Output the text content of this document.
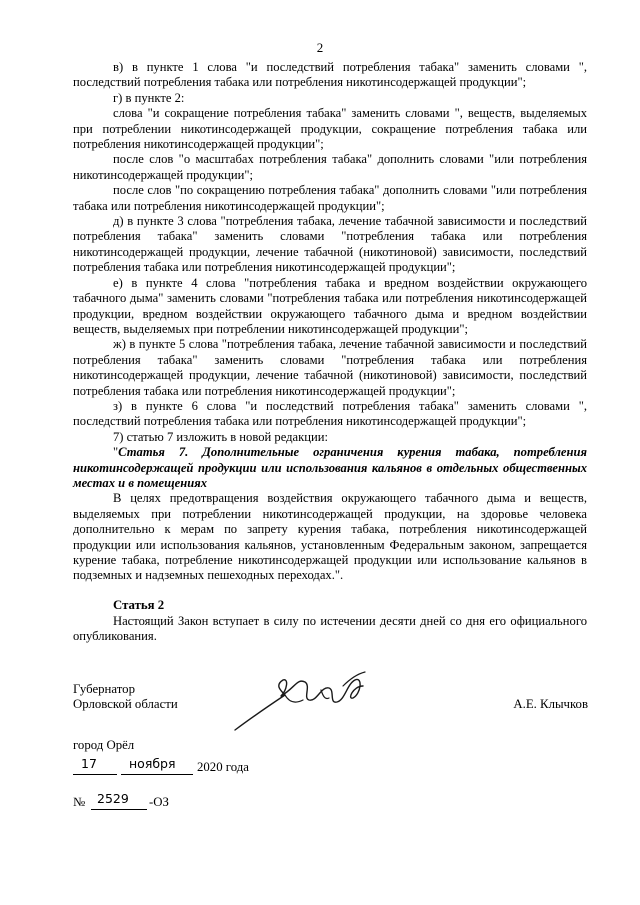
2

в) в пункте 1 слова "и последствий потребления табака" заменить словами ", последствий потребления табака или потребления никотинсодержащей продукции";

г) в пункте 2:

слова "и сокращение потребления табака" заменить словами ", веществ, выделяемых при потреблении никотинсодержащей продукции, сокращение потребления табака или потребления никотинсодержащей продукции";

после слов "о масштабах потребления табака" дополнить словами "или потребления никотинсодержащей продукции";

после слов "по сокращению потребления табака" дополнить словами "или потребления табака или потребления никотинсодержащей продукции";

д) в пункте 3 слова "потребления табака, лечение табачной зависимости и последствий потребления табака" заменить словами "потребления табака или потребления никотинсодержащей продукции, лечение табачной (никотиновой) зависимости, последствий потребления табака или потребления никотинсодержащей продукции";

е) в пункте 4 слова "потребления табака и вредном воздействии окружающего табачного дыма" заменить словами "потребления табака или потребления никотинсодержащей продукции, вредном воздействии окружающего табачного дыма и вредном воздействии веществ, выделяемых при потреблении никотинсодержащей продукции";

ж) в пункте 5 слова "потребления табака, лечение табачной зависимости и последствий потребления табака" заменить словами "потребления табака или потребления никотинсодержащей продукции, лечение табачной (никотиновой) зависимости, последствий потребления табака или потребления никотинсодержащей продукции";

з) в пункте 6 слова "и последствий потребления табака" заменить словами ", последствий потребления табака или потребления никотинсодержащей продукции";

7) статью 7 изложить в новой редакции:

"Статья 7. Дополнительные ограничения курения табака, потребления никотинсодержащей продукции или использования кальянов в отдельных общественных местах и в помещениях

В целях предотвращения воздействия окружающего табачного дыма и веществ, выделяемых при потреблении никотинсодержащей продукции, на здоровье человека дополнительно к мерам по запрету курения табака, потребления никотинсодержащей продукции или использования кальянов, установленным Федеральным законом, запрещается курение табака, потребление никотинсодержащей продукции или использование кальянов в подземных и надземных пешеходных переходах.".

Статья 2
Настоящий Закон вступает в силу по истечении десяти дней со дня его официального опубликования.
Губернатор
Орловской области	А.Е. Клычков
город Орёл
17	ноября 2020 года
№ 2529 -ОЗ
